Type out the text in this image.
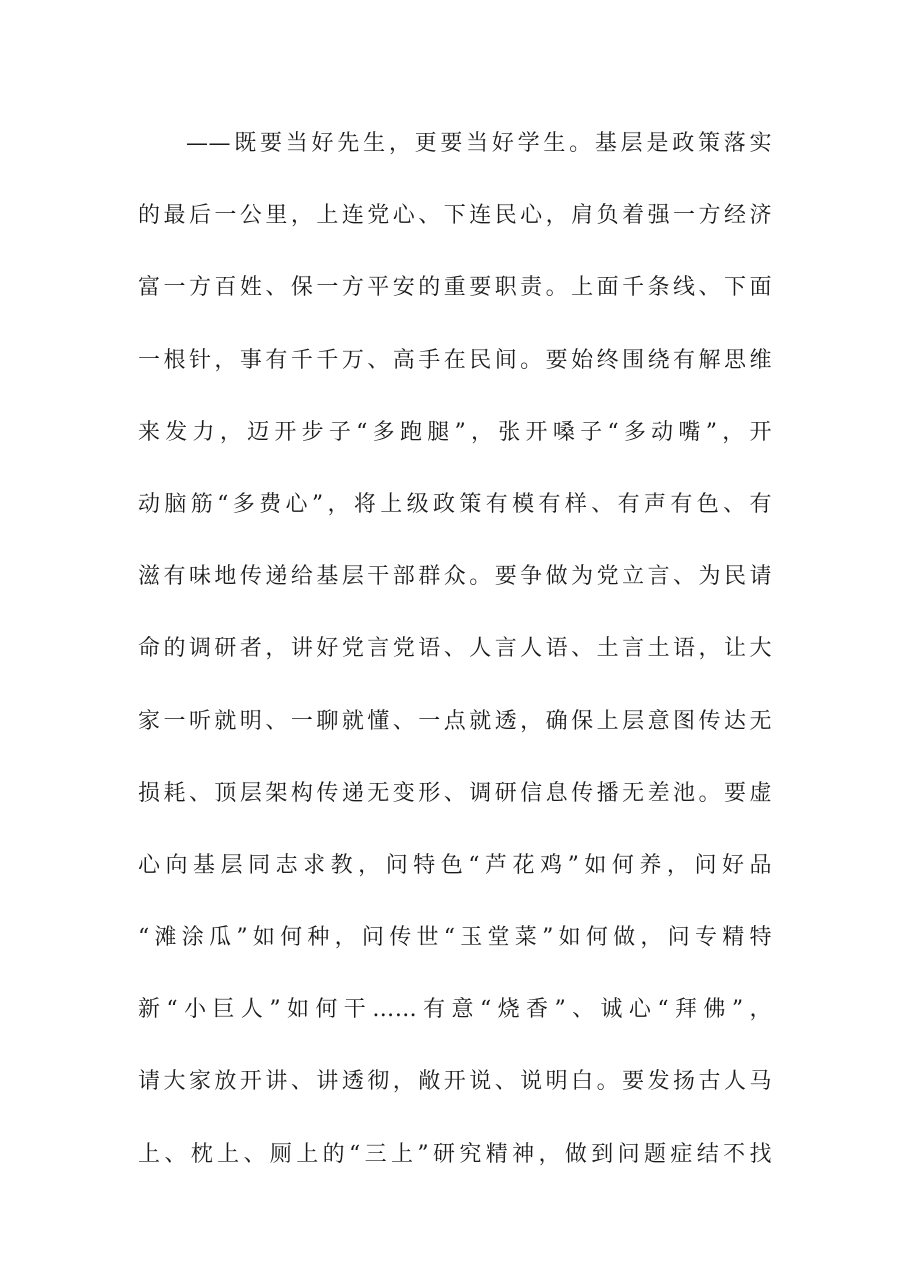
——既要当好先生，更要当好学生。基层是政策落实
的最后一公里，上连党心、下连民心，肩负着强一方经济
富一方百姓、保一方平安的重要职责。上面千条线、下面
一根针，事有千千万、高手在民间。要始终围绕有解思维
来发力，迈开步子“多跑腿”，张开嗓子“多动嘴”，开
动脑筋“多费心”，将上级政策有模有样、有声有色、有
滋有味地传递给基层干部群众。要争做为党立言、为民请
命的调研者，讲好党言党语、人言人语、土言土语，让大
家一听就明、一聊就懂、一点就透，确保上层意图传达无
损耗、顶层架构传递无变形、调研信息传播无差池。要虚
心向基层同志求教，问特色“芦花鸡”如何养，问好品
“滩涂瓜”如何种，问传世“玉堂菜”如何做，问专精特
新“小巨人”如何干……有意“烧香”、诚心“拜佛”，
请大家放开讲、讲透彻，敞开说、说明白。要发扬古人马
上、枕上、厕上的“三上”研究精神，做到问题症结不找
